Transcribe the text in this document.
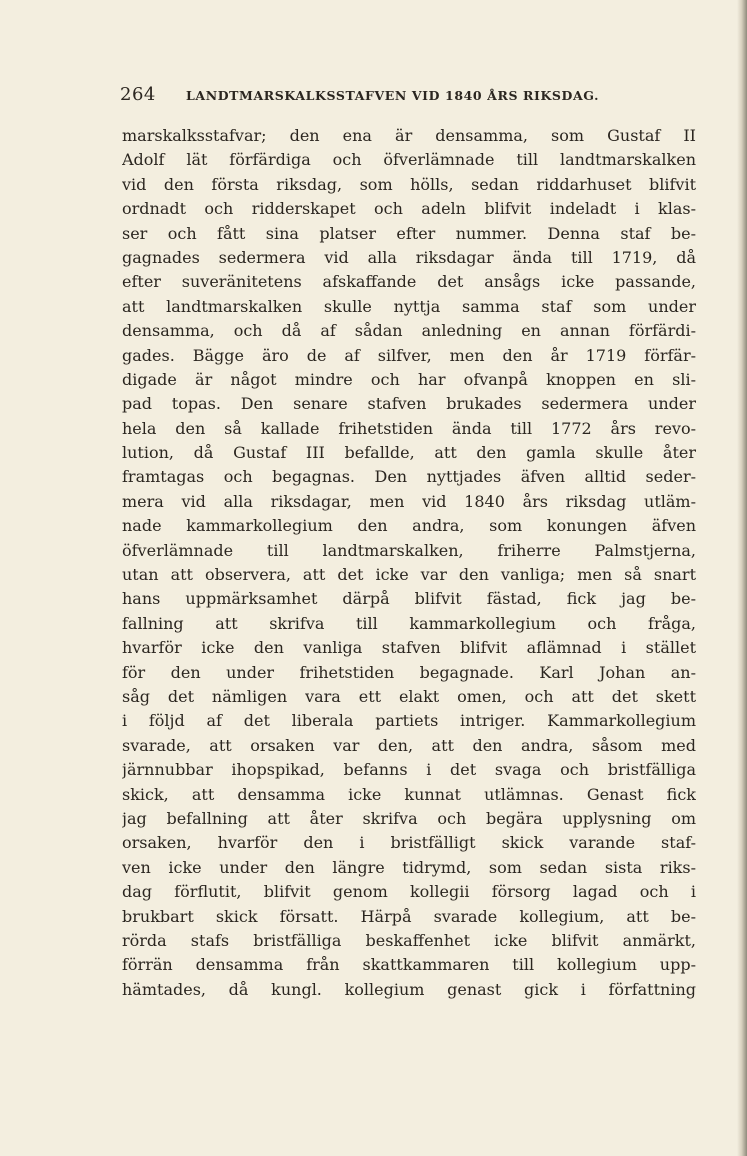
264 LANDTMARSKALKSSTAFVEN VID 1840 ÅRS RIKSDAG.
marskalksstafvar; den ena är densamma, som Gustaf II
Adolf lät förfärdiga och öfverlämnade till landtmarskalken
vid den första riksdag, som hölls, sedan riddarhuset blifvit
ordnadt och ridderskapet och adeln blifvit indeladt i klas-
ser och fått sina platser efter nummer. Denna staf be-
gagnades sedermera vid alla riksdagar ända till 1719, då
efter suveränitetens afskaffande det ansågs icke passande,
att landtmarskalken skulle nyttja samma staf som under
densamma, och då af sådan anledning en annan förfärdi-
gades. Bägge äro de af silfver, men den år 1719 förfär-
digade är något mindre och har ofvanpå knoppen en sli-
pad topas. Den senare stafven brukades sedermera under
hela den så kallade frihetstiden ända till 1772 års revo-
lution, då Gustaf III befallde, att den gamla skulle åter
framtagas och begagnas. Den nyttjades äfven alltid seder-
mera vid alla riksdagar, men vid 1840 års riksdag utläm-
nade kammarkollegium den andra, som konungen äfven
öfverlämnade till landtmarskalken, friherre Palmstjerna,
utan att observera, att det icke var den vanliga; men så snart
hans uppmärksamhet därpå blifvit fästad, fick jag be-
fallning att skrifva till kammarkollegium och fråga,
hvarför icke den vanliga stafven blifvit aflämnad i stället
för den under frihetstiden begagnade. Karl Johan an-
såg det nämligen vara ett elakt omen, och att det skett
i följd af det liberala partiets intriger. Kammarkollegium
svarade, att orsaken var den, att den andra, såsom med
järnnubbar ihopspikad, befanns i det svaga och bristfälliga
skick, att densamma icke kunnat utlämnas. Genast fick
jag befallning att åter skrifva och begära upplysning om
orsaken, hvarför den i bristfälligt skick varande staf-
ven icke under den längre tidrymd, som sedan sista riks-
dag förflutit, blifvit genom kollegii försorg lagad och i
brukbart skick försatt. Härpå svarade kollegium, att be-
rörda stafs bristfälliga beskaffenhet icke blifvit anmärkt,
förrän densamma från skattkammaren till kollegium upp-
hämtades, då kungl. kollegium genast gick i författning
